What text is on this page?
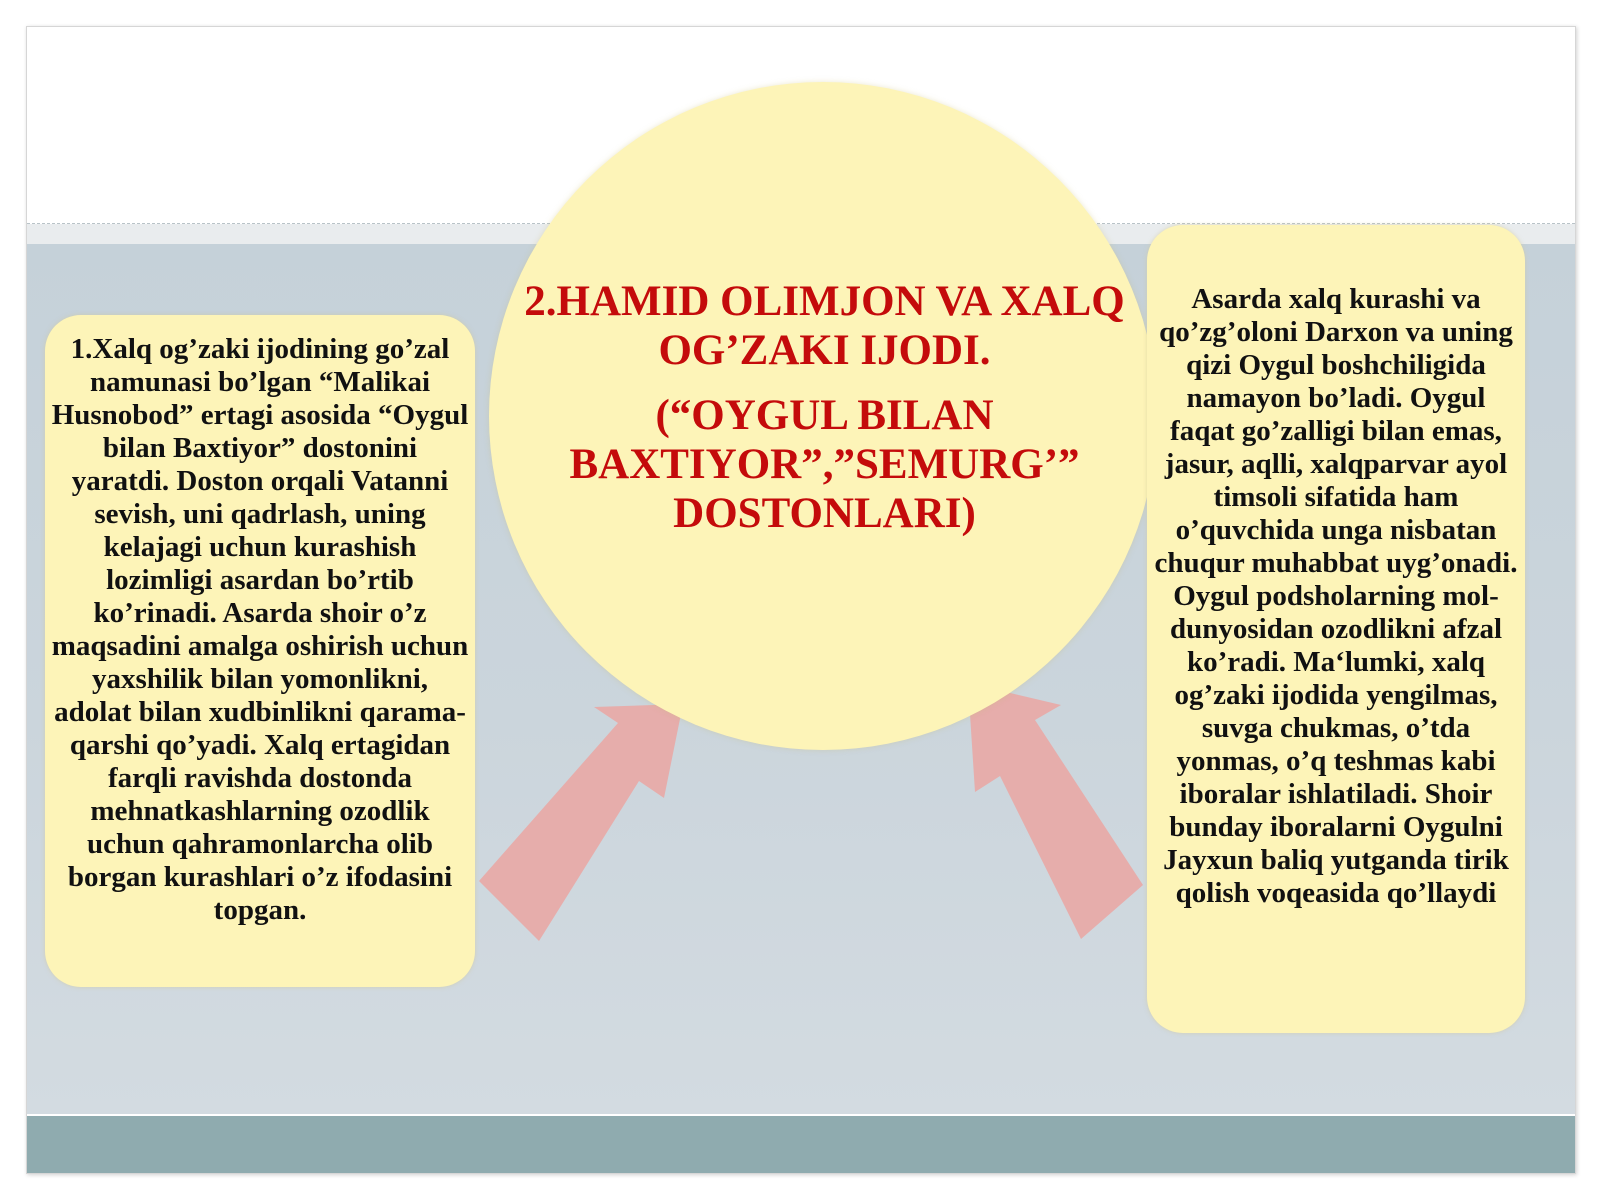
2.HAMID OLIMJON VA XALQ OG’ZAKI IJODI.

(“OYGUL BILAN BAXTIYOR”,”SEMURG’” DOSTONLARI)

1.Xalq og’zaki ijodining go’zal namunasi bo’lgan “Malikai Husnobod” ertagi asosida “Oygul bilan Baxtiyor” dostonini yaratdi. Doston orqali Vatanni sevish, uni qadrlash, uning kelajagi uchun kurashish lozimligi asardan bo’rtib ko’rinadi. Asarda shoir o’z maqsadini amalga oshirish uchun yaxshilik bilan yomonlikni, adolat bilan xudbinlikni qarama-qarshi qo’yadi. Xalq ertagidan farqli ravishda dostonda mehnatkashlarning ozodlik uchun qahramonlarcha olib borgan kurashlari o’z ifodasini topgan.
Asarda xalq kurashi va qo’zg’oloni Darxon va uning qizi Oygul boshchiligida namayon bo’ladi. Oygul faqat go’zalligi bilan emas, jasur, aqlli, xalqparvar ayol timsoli sifatida ham o’quvchida unga nisbatan chuqur muhabbat uyg’onadi. Oygul podsholarning mol-dunyosidan ozodlikni afzal ko’radi. Ma‘lumki, xalq og’zaki ijodida yengilmas, suvga chukmas, o’tda yonmas, o’q teshmas kabi iboralar ishlatiladi. Shoir bunday iboralarni Oygulni Jayxun baliq yutganda tirik qolish voqeasida qo’llaydi
